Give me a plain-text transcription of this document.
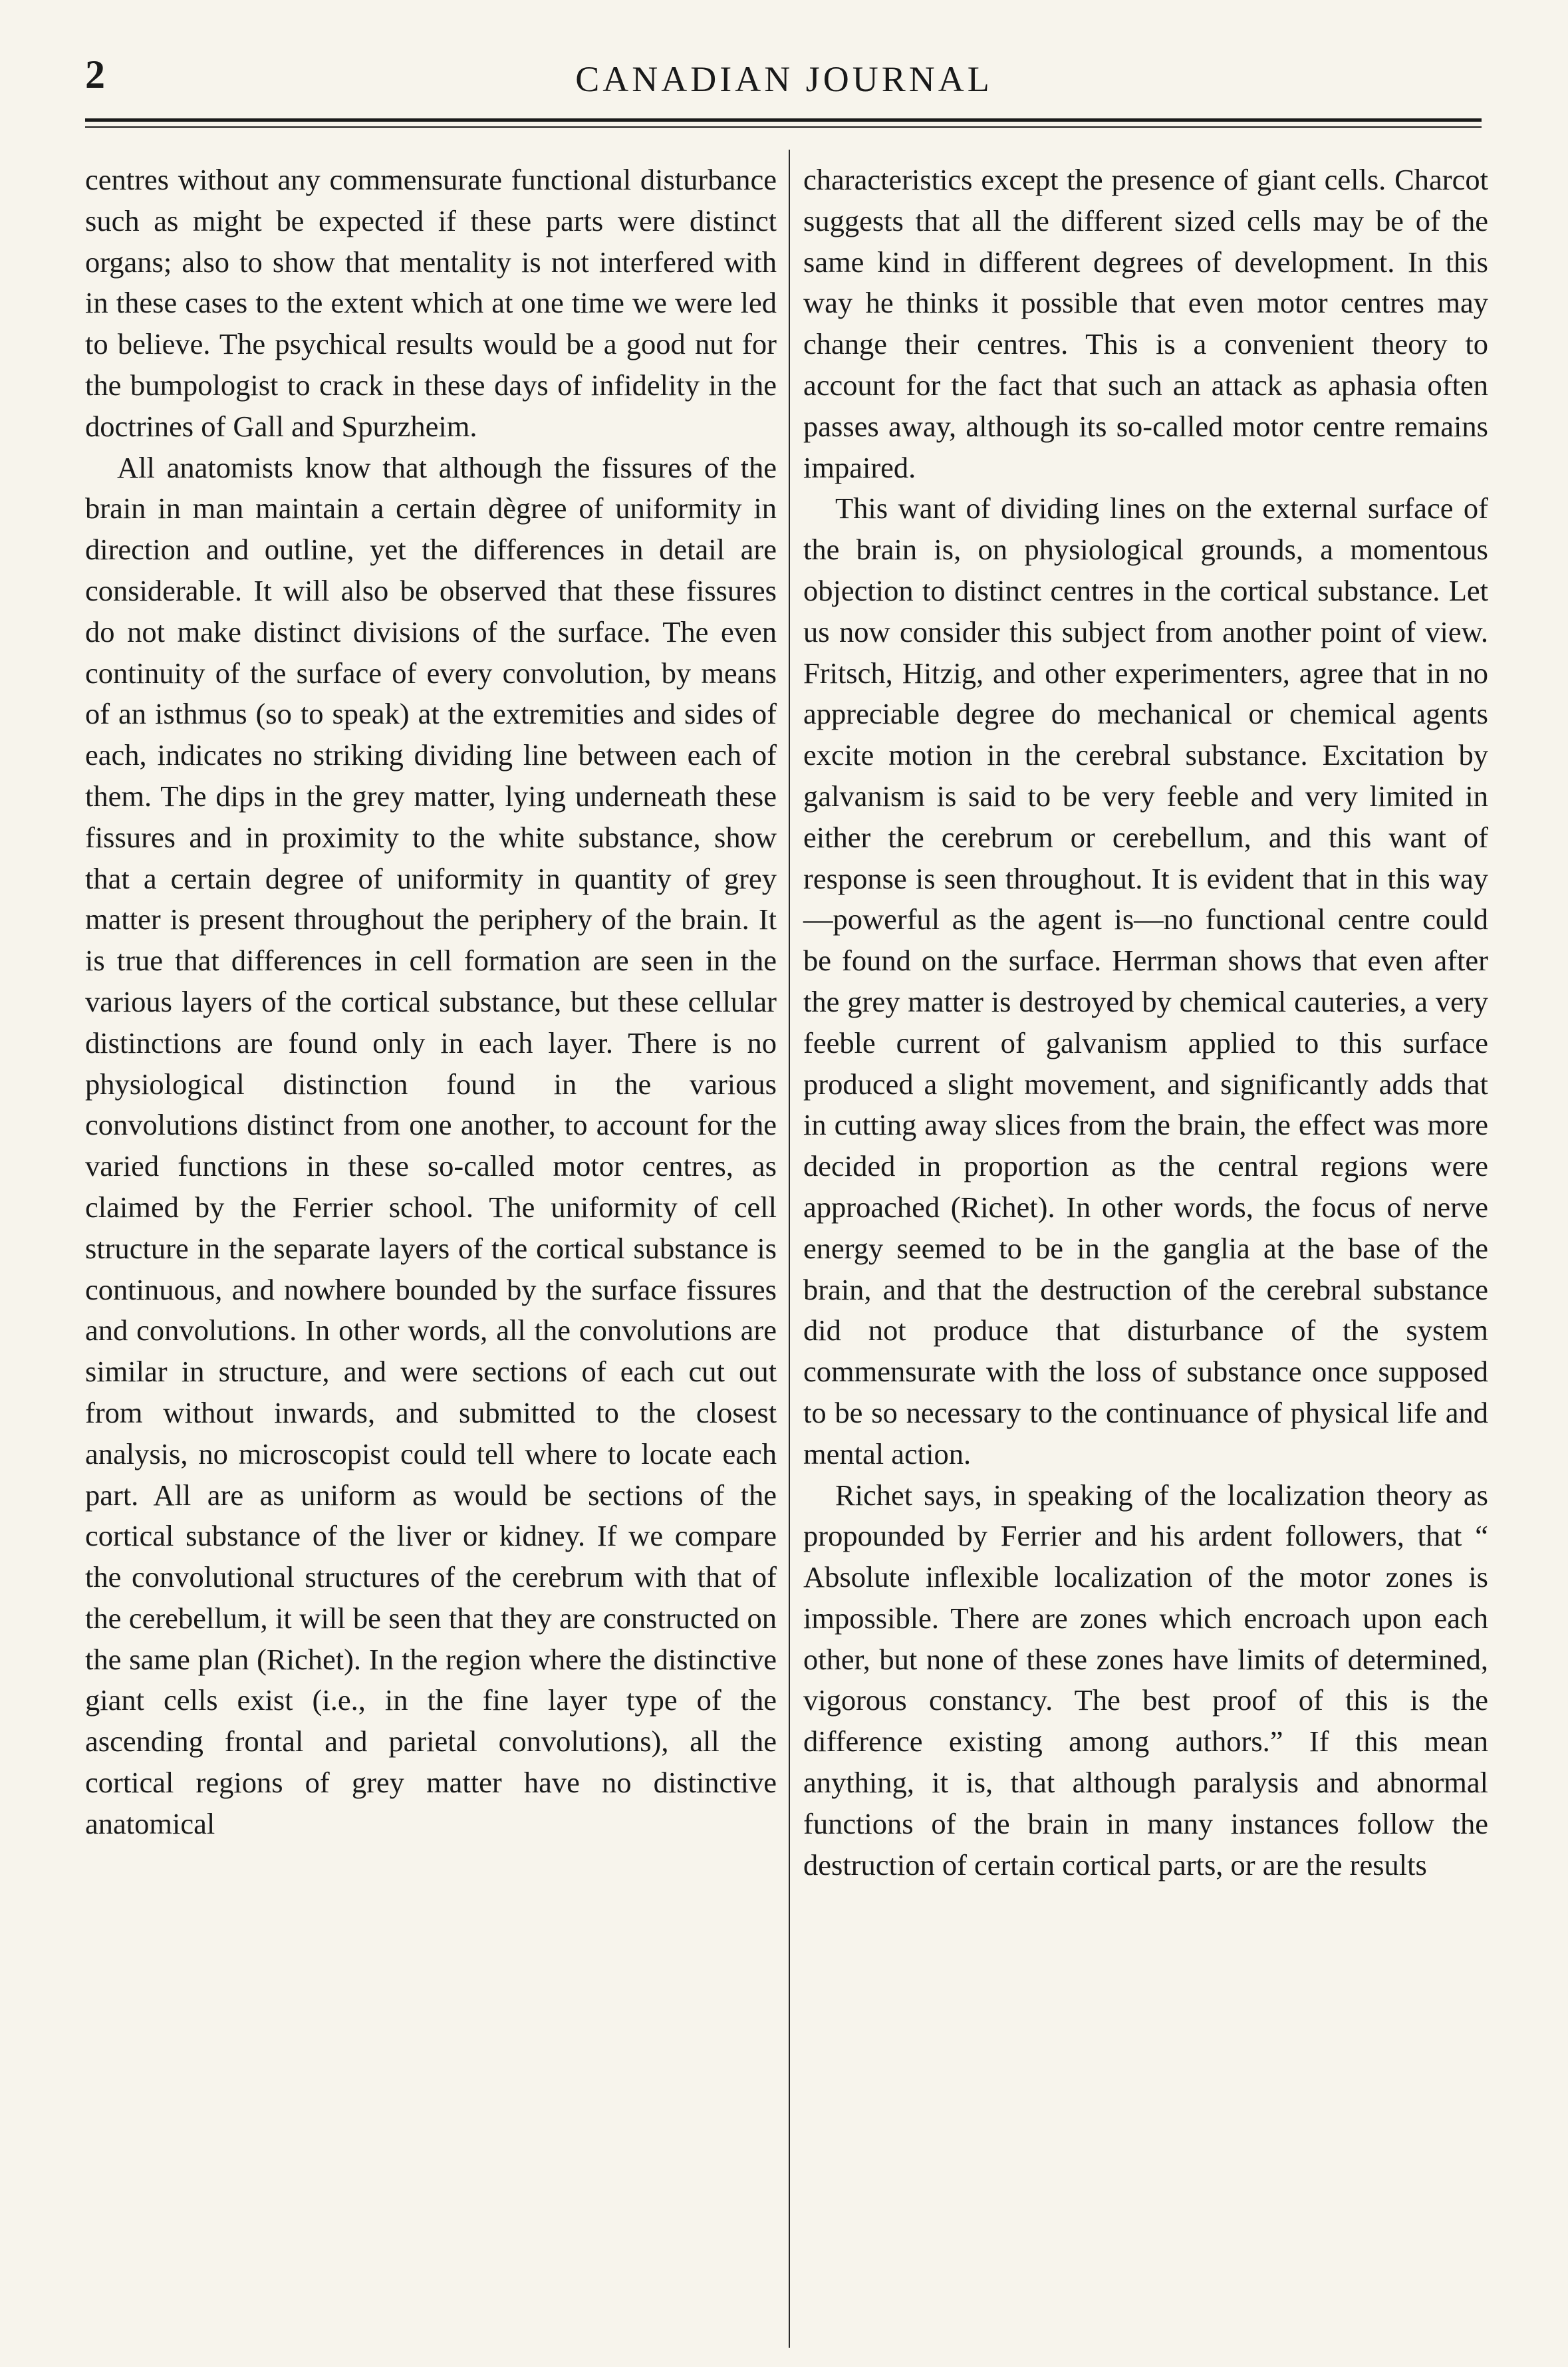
2	CANADIAN JOURNAL

centres without any commensurate functional disturbance such as might be expected if these parts were distinct organs; also to show that mentality is not interfered with in these cases to the extent which at one time we were led to believe. The psychical results would be a good nut for the bumpologist to crack in these days of infidelity in the doctrines of Gall and Spurzheim.

All anatomists know that although the fissures of the brain in man maintain a certain dègree of uniformity in direction and outline, yet the differences in detail are considerable. It will also be observed that these fissures do not make distinct divisions of the surface. The even continuity of the surface of every convolution, by means of an isthmus (so to speak) at the extremities and sides of each, indicates no striking dividing line between each of them. The dips in the grey matter, lying underneath these fissures and in proximity to the white substance, show that a certain degree of uniformity in quantity of grey matter is present throughout the periphery of the brain. It is true that differences in cell formation are seen in the various layers of the cortical substance, but these cellular distinctions are found only in each layer. There is no physiological distinction found in the various convolutions distinct from one another, to account for the varied functions in these so-called motor centres, as claimed by the Ferrier school. The uniformity of cell structure in the separate layers of the cortical substance is continuous, and nowhere bounded by the surface fissures and convolutions. In other words, all the convolutions are similar in structure, and were sections of each cut out from without inwards, and submitted to the closest analysis, no microscopist could tell where to locate each part. All are as uniform as would be sections of the cortical substance of the liver or kidney. If we compare the convolutional structures of the cerebrum with that of the cerebellum, it will be seen that they are constructed on the same plan (Richet). In the region where the distinctive giant cells exist (i.e., in the fine layer type of the ascending frontal and parietal convolutions), all the cortical regions of grey matter have no distinctive anatomical

characteristics except the presence of giant cells. Charcot suggests that all the different sized cells may be of the same kind in different degrees of development. In this way he thinks it possible that even motor centres may change their centres. This is a convenient theory to account for the fact that such an attack as aphasia often passes away, although its so-called motor centre remains impaired.

This want of dividing lines on the external surface of the brain is, on physiological grounds, a momentous objection to distinct centres in the cortical substance. Let us now consider this subject from another point of view. Fritsch, Hitzig, and other experimenters, agree that in no appreciable degree do mechanical or chemical agents excite motion in the cerebral substance. Excitation by galvanism is said to be very feeble and very limited in either the cerebrum or cerebellum, and this want of response is seen throughout. It is evident that in this way—powerful as the agent is—no functional centre could be found on the surface. Herrman shows that even after the grey matter is destroyed by chemical cauteries, a very feeble current of galvanism applied to this surface produced a slight movement, and significantly adds that in cutting away slices from the brain, the effect was more decided in proportion as the central regions were approached (Richet). In other words, the focus of nerve energy seemed to be in the ganglia at the base of the brain, and that the destruction of the cerebral substance did not produce that disturbance of the system commensurate with the loss of substance once supposed to be so necessary to the continuance of physical life and mental action.

Richet says, in speaking of the localization theory as propounded by Ferrier and his ardent followers, that “ Absolute inflexible localization of the motor zones is impossible. There are zones which encroach upon each other, but none of these zones have limits of determined, vigorous constancy. The best proof of this is the difference existing among authors.” If this mean anything, it is, that although paralysis and abnormal functions of the brain in many instances follow the destruction of certain cortical parts, or are the results
